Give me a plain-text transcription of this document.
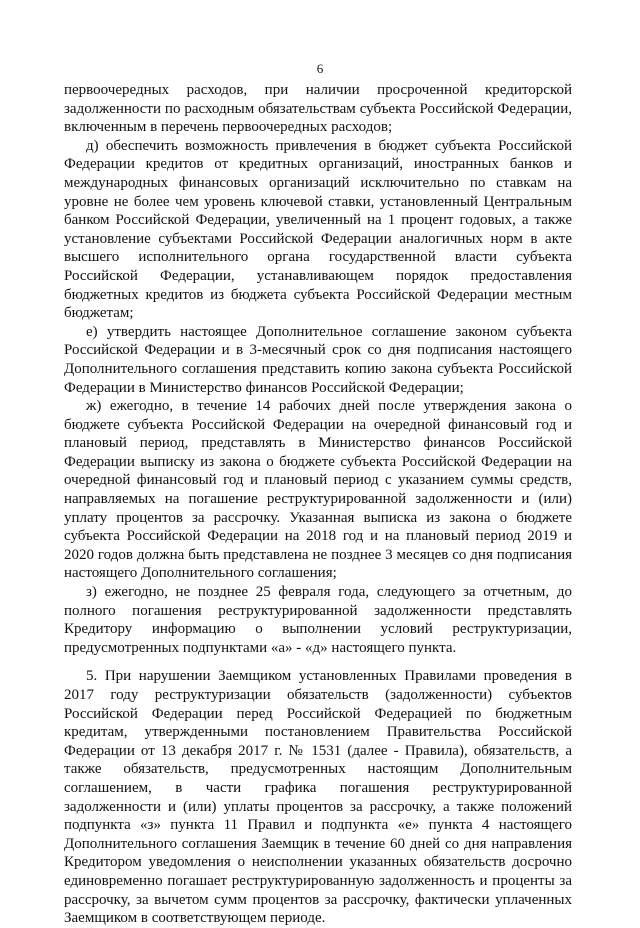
6

первоочередных расходов, при наличии просроченной кредиторской задолженности по расходным обязательствам субъекта Российской Федерации, включенным в перечень первоочередных расходов;

д) обеспечить возможность привлечения в бюджет субъекта Российской Федерации кредитов от кредитных организаций, иностранных банков и международных финансовых организаций исключительно по ставкам на уровне не более чем уровень ключевой ставки, установленный Центральным банком Российской Федерации, увеличенный на 1 процент годовых, а также установление субъектами Российской Федерации аналогичных норм в акте высшего исполнительного органа государственной власти субъекта Российской Федерации, устанавливающем порядок предоставления бюджетных кредитов из бюджета субъекта Российской Федерации местным бюджетам;

е) утвердить настоящее Дополнительное соглашение законом субъекта Российской Федерации и в 3-месячный срок со дня подписания настоящего Дополнительного соглашения представить копию закона субъекта Российской Федерации в Министерство финансов Российской Федерации;

ж) ежегодно, в течение 14 рабочих дней после утверждения закона о бюджете субъекта Российской Федерации на очередной финансовый год и плановый период, представлять в Министерство финансов Российской Федерации выписку из закона о бюджете субъекта Российской Федерации на очередной финансовый год и плановый период с указанием суммы средств, направляемых на погашение реструктурированной задолженности и (или) уплату процентов за рассрочку. Указанная выписка из закона о бюджете субъекта Российской Федерации на 2018 год и на плановый период 2019 и 2020 годов должна быть представлена не позднее 3 месяцев со дня подписания настоящего Дополнительного соглашения;

з) ежегодно, не позднее 25 февраля года, следующего за отчетным, до полного погашения реструктурированной задолженности представлять Кредитору информацию о выполнении условий реструктуризации, предусмотренных подпунктами «а» - «д» настоящего пункта.

5. При нарушении Заемщиком установленных Правилами проведения в 2017 году реструктуризации обязательств (задолженности) субъектов Российской Федерации перед Российской Федерацией по бюджетным кредитам, утвержденными постановлением Правительства Российской Федерации от 13 декабря 2017 г. № 1531 (далее - Правила), обязательств, а также обязательств, предусмотренных настоящим Дополнительным соглашением, в части графика погашения реструктурированной задолженности и (или) уплаты процентов за рассрочку, а также положений подпункта «з» пункта 11 Правил и подпункта «е» пункта 4 настоящего Дополнительного соглашения Заемщик в течение 60 дней со дня направления Кредитором уведомления о неисполнении указанных обязательств досрочно единовременно погашает реструктурированную задолженность и проценты за рассрочку, за вычетом сумм процентов за рассрочку, фактически уплаченных Заемщиком в соответствующем периоде.
